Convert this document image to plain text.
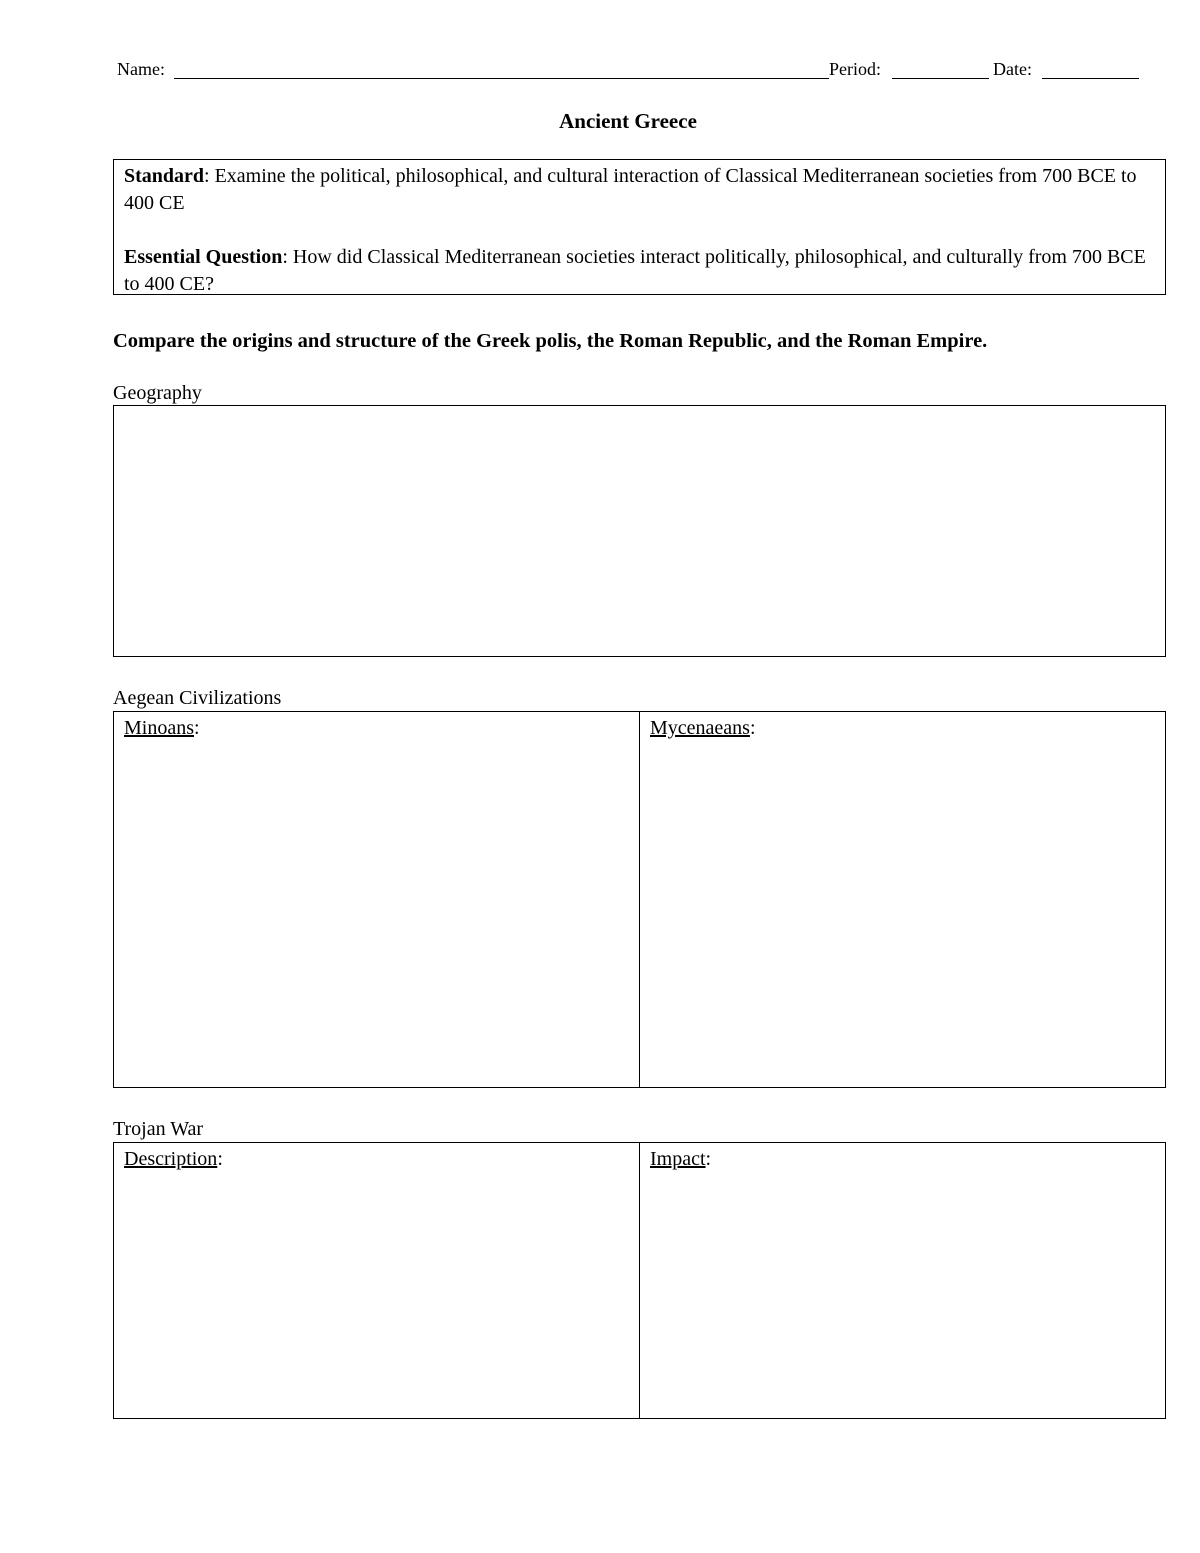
Name:	Period:	Date:
Ancient Greece

Standard: Examine the political, philosophical, and cultural interaction of Classical Mediterranean societies from 700 BCE to 400 CE

Essential Question: How did Classical Mediterranean societies interact politically, philosophical, and culturally from 700 BCE to 400 CE?

Compare the origins and structure of the Greek polis, the Roman Republic, and the Roman Empire.
Geography
Aegean Civilizations
Minoans:	Mycenaeans:
Trojan War
Description:	Impact:
